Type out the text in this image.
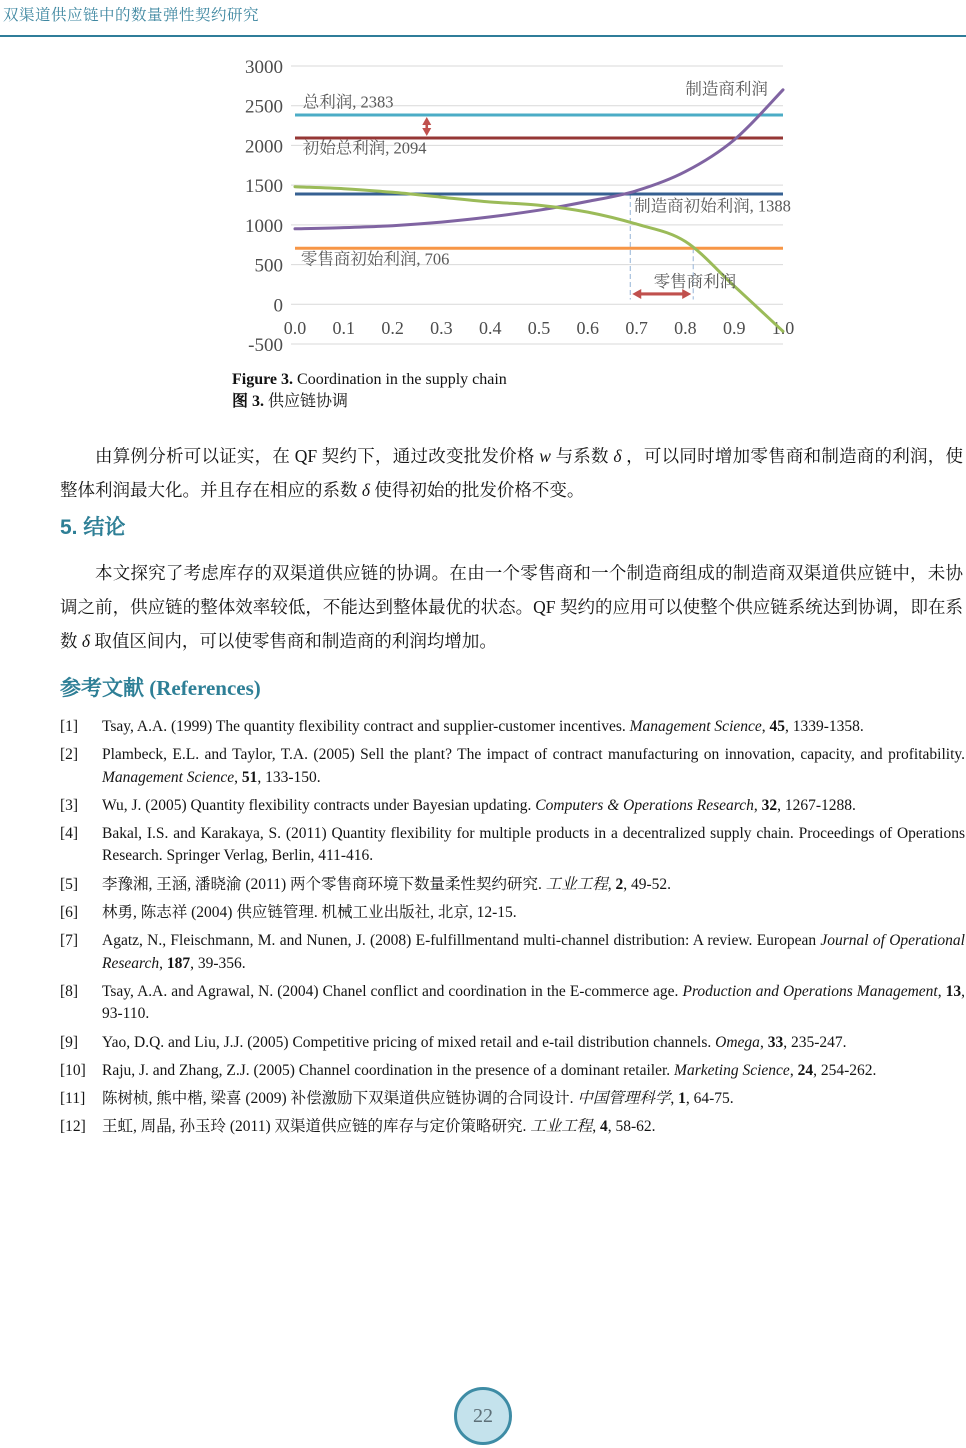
双渠道供应链中的数量弹性契约研究
3000
2500
2000
1500
1000
500
0
-500
0.0 0.1 0.2 0.3 0.4 0.5 0.6 0.7 0.8 0.9 1.0
总利润, 2383
初始总利润, 2094
制造商利润
制造商初始利润, 1388
零售商初始利润, 706
零售商利润
Figure 3. Coordination in the supply chain
图 3. 供应链协调

由算例分析可以证实，在 QF 契约下，通过改变批发价格 w 与系数 δ ，可以同时增加零售商和制造商的利润，使整体利润最大化。并且存在相应的系数 δ 使得初始的批发价格不变。

5. 结论

本文探究了考虑库存的双渠道供应链的协调。在由一个零售商和一个制造商组成的制造商双渠道供应链中，未协调之前，供应链的整体效率较低，不能达到整体最优的状态。QF 契约的应用可以使整个供应链系统达到协调，即在系数 δ 取值区间内，可以使零售商和制造商的利润均增加。

参考文献 (References)
[1]	Tsay, A.A. (1999) The quantity flexibility contract and supplier-customer incentives. Management Science, 45, 1339-1358.
[2]	Plambeck, E.L. and Taylor, T.A. (2005) Sell the plant? The impact of contract manufacturing on innovation, capacity, and profitability. Management Science, 51, 133-150.
[3]	Wu, J. (2005) Quantity flexibility contracts under Bayesian updating. Computers & Operations Research, 32, 1267-1288.
[4]	Bakal, I.S. and Karakaya, S. (2011) Quantity flexibility for multiple products in a decentralized supply chain. Proceedings of Operations Research. Springer Verlag, Berlin, 411-416.
[5]	李豫湘, 王涵, 潘晓渝 (2011) 两个零售商环境下数量柔性契约研究. 工业工程, 2, 49-52.
[6]	林勇, 陈志祥 (2004) 供应链管理. 机械工业出版社, 北京, 12-15.
[7]	Agatz, N., Fleischmann, M. and Nunen, J. (2008) E-fulfillmentand multi-channel distribution: A review. European Journal of Operational Research, 187, 39-356.
[8]	Tsay, A.A. and Agrawal, N. (2004) Chanel conflict and coordination in the E-commerce age. Production and Operations Management, 13, 93-110.
[9]	Yao, D.Q. and Liu, J.J. (2005) Competitive pricing of mixed retail and e-tail distribution channels. Omega, 33, 235-247.
[10]	Raju, J. and Zhang, Z.J. (2005) Channel coordination in the presence of a dominant retailer. Marketing Science, 24, 254-262.
[11]	陈树桢, 熊中楷, 梁喜 (2009) 补偿激励下双渠道供应链协调的合同设计. 中国管理科学, 1, 64-75.
[12]	王虹, 周晶, 孙玉玲 (2011) 双渠道供应链的库存与定价策略研究. 工业工程, 4, 58-62.
22
